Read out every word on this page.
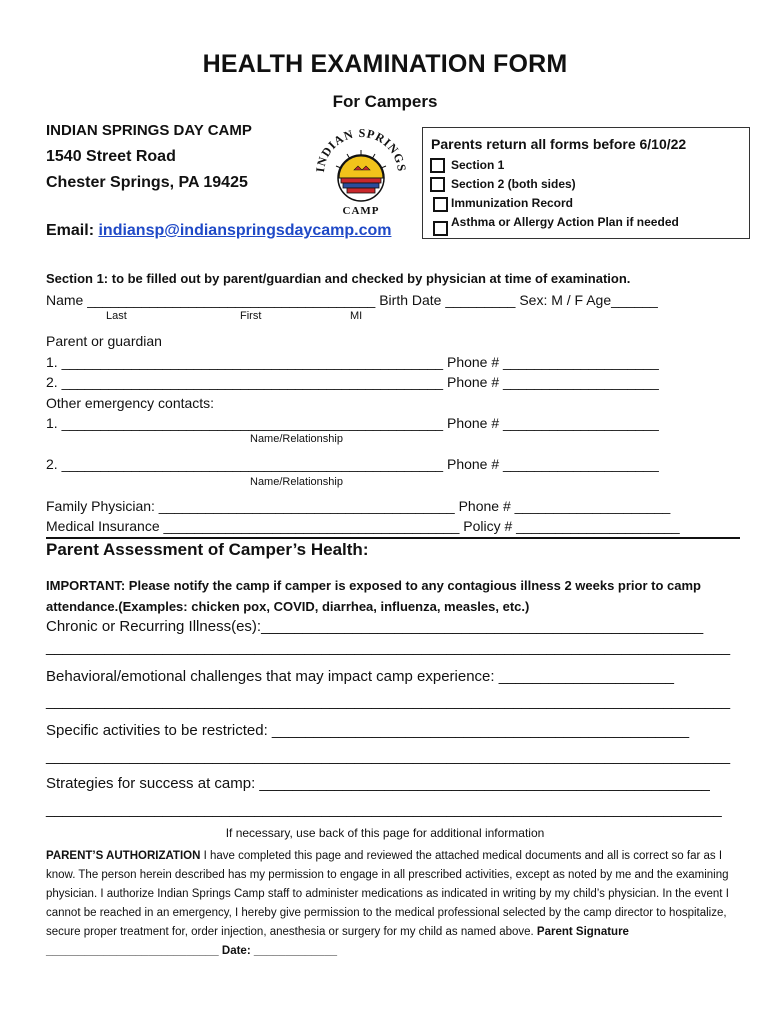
HEALTH EXAMINATION FORM
For Campers
INDIAN SPRINGS DAY CAMP
1540 Street Road
Chester Springs, PA 19425
Email: indiansp@indianspringsdaycamp.com
INDIAN SPRINGS
CAMP
Parents return all forms before 6/10/22
Section 1
Section 2 (both sides)
Immunization Record
Asthma or Allergy Action Plan if needed
Section 1: to be filled out by parent/guardian and checked by physician at time of examination.
Name _____________________________________ Birth Date _________ Sex: M / F Age______
Last	First	MI
Parent or guardian
1. _________________________________________________ Phone # ____________________
2. _________________________________________________ Phone # ____________________
Other emergency contacts:
1. _________________________________________________ Phone # ____________________
Name/Relationship
2. _________________________________________________ Phone # ____________________
Name/Relationship
Family Physician: ______________________________________ Phone # ____________________
Medical Insurance ______________________________________ Policy # _____________________
Parent Assessment of Camper’s Health:
IMPORTANT: Please notify the camp if camper is exposed to any contagious illness 2 weeks prior to camp attendance.(Examples: chicken pox, COVID, diarrhea, influenza, measles, etc.)
Chronic or Recurring Illness(es):_____________________________________________________
__________________________________________________________________________________
Behavioral/emotional challenges that may impact camp experience: _____________________
__________________________________________________________________________________
Specific activities to be restricted: __________________________________________________
__________________________________________________________________________________
Strategies for success at camp: ______________________________________________________
_________________________________________________________________________________
If necessary, use back of this page for additional information
PARENT’S AUTHORIZATION I have completed this page and reviewed the attached medical documents and all is correct so far as I know. The person herein described has my permission to engage in all prescribed activities, except as noted by me and the examining physician. I authorize Indian Springs Camp staff to administer medications as indicated in writing by my child’s physician. In the event I cannot be reached in an emergency, I hereby give permission to the medical professional selected by the camp director to hospitalize, secure proper treatment for, order injection, anesthesia or surgery for my child as named above. Parent Signature ___________________________ Date: _____________
